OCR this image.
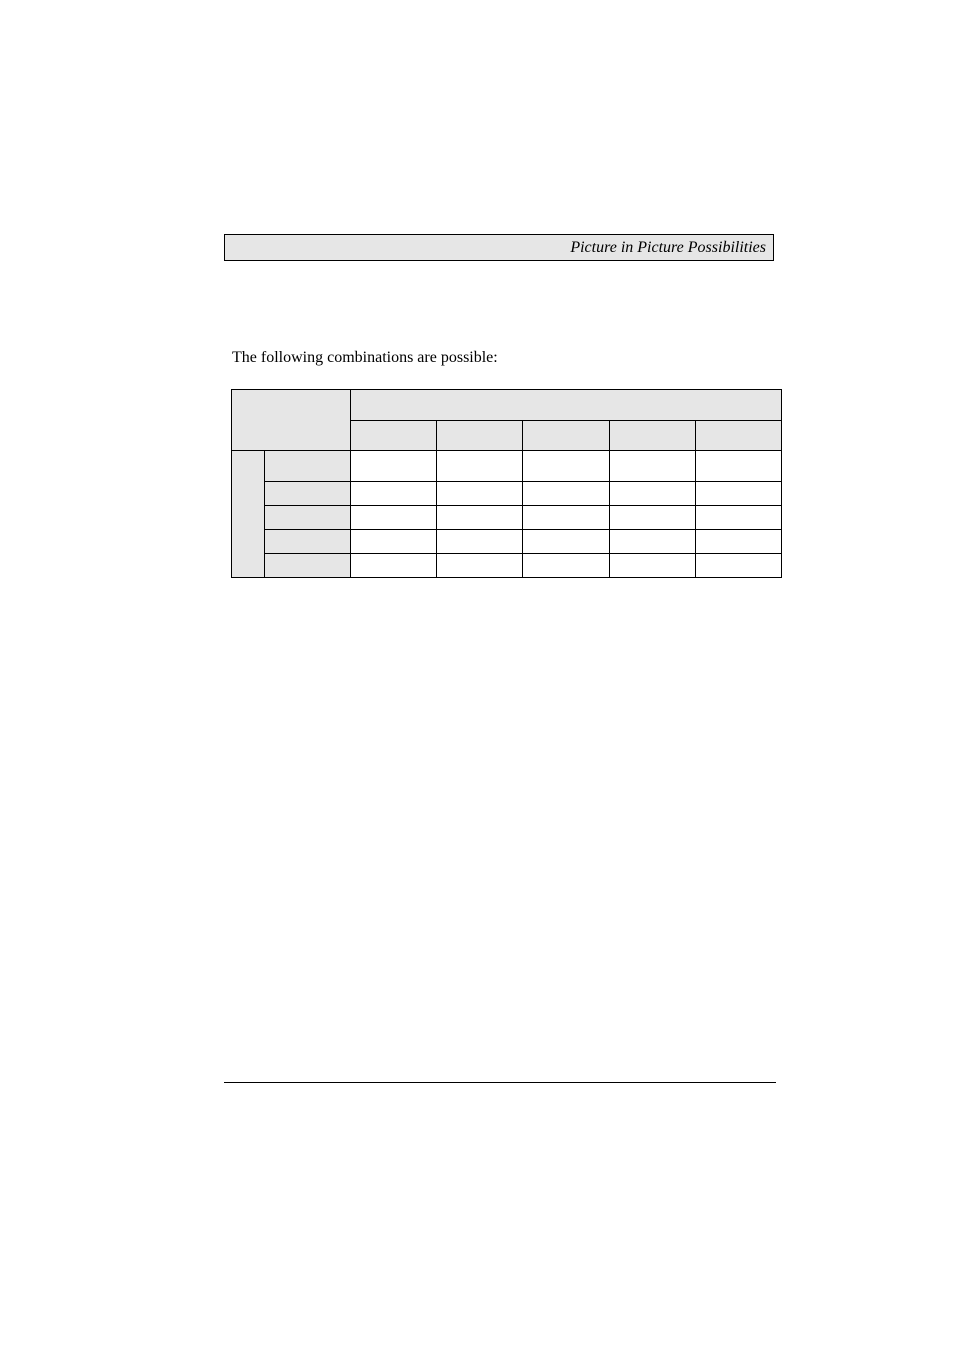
Picture in Picture Possibilities
The following combinations are possible:
